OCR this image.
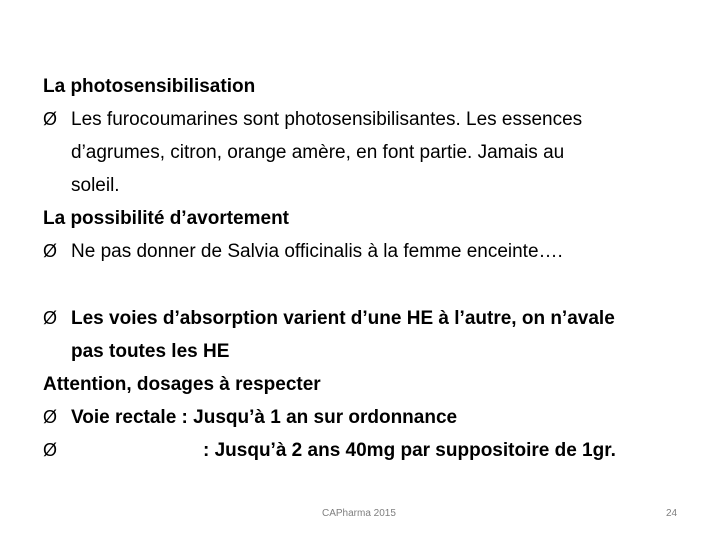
La photosensibilisation
Ø Les furocoumarines sont photosensibilisantes. Les essences
d’agrumes, citron, orange amère, en font partie. Jamais au
soleil.
La possibilité d’avortement
Ø Ne pas donner de Salvia officinalis à la femme enceinte….
Ø Les voies d’absorption varient d’une HE à l’autre, on n’avale
pas toutes les HE
Attention, dosages à respecter
Ø Voie rectale : Jusqu’à 1 an sur ordonnance
Ø	: Jusqu’à 2 ans 40mg par suppositoire de 1gr.
CAPharma 2015	24
